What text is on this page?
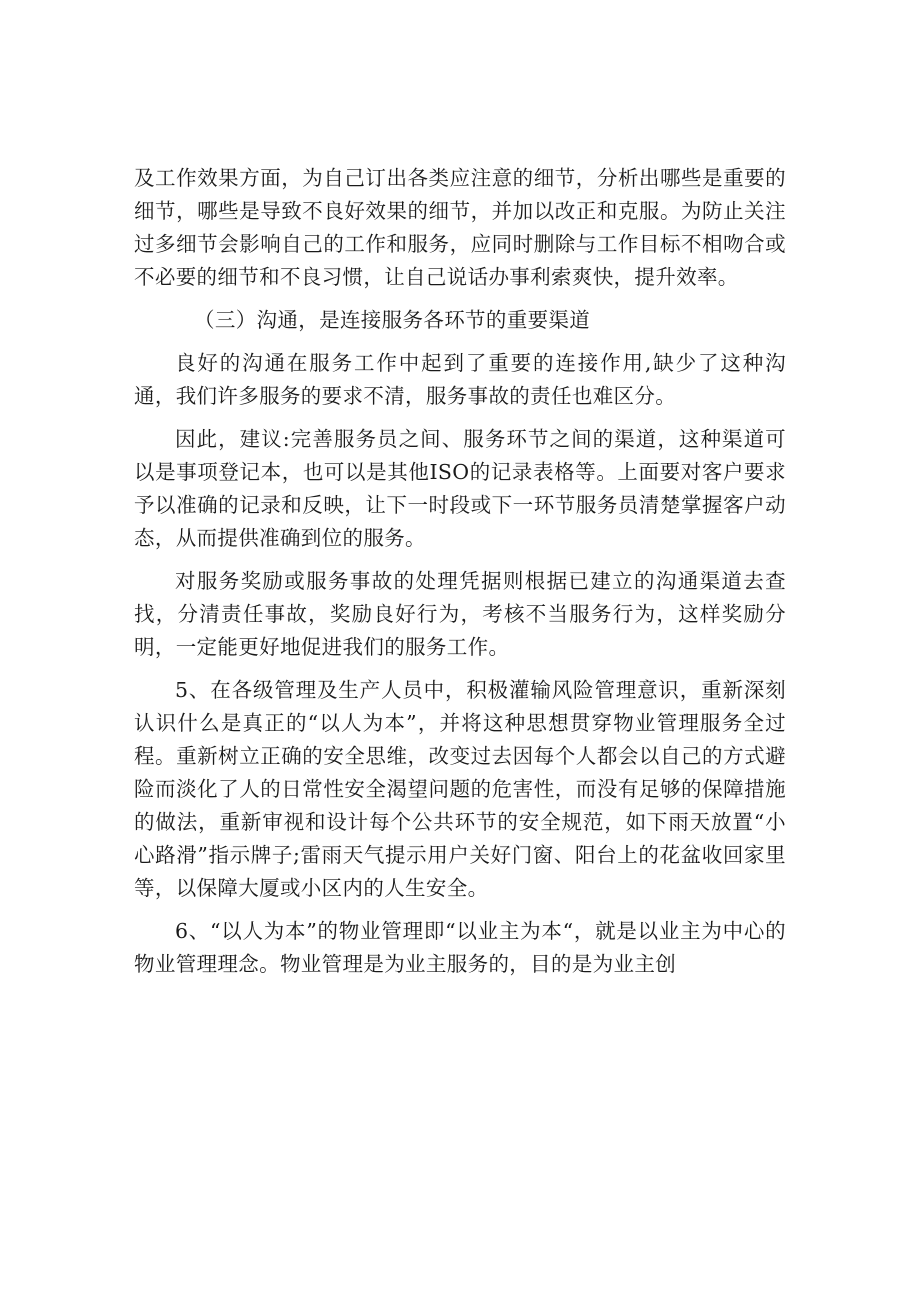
及工作效果方面，为自己订出各类应注意的细节，分析出哪些是重要的细节，哪些是导致不良好效果的细节，并加以改正和克服。为防止关注过多细节会影响自己的工作和服务，应同时删除与工作目标不相吻合或不必要的细节和不良习惯，让自己说话办事利索爽快，提升效率。

（三）沟通，是连接服务各环节的重要渠道

良好的沟通在服务工作中起到了重要的连接作用,缺少了这种沟通，我们许多服务的要求不清，服务事故的责任也难区分。

因此，建议:完善服务员之间、服务环节之间的渠道，这种渠道可以是事项登记本，也可以是其他ISO的记录表格等。上面要对客户要求予以准确的记录和反映，让下一时段或下一环节服务员清楚掌握客户动态，从而提供准确到位的服务。

对服务奖励或服务事故的处理凭据则根据已建立的沟通渠道去查找，分清责任事故，奖励良好行为，考核不当服务行为，这样奖励分明，一定能更好地促进我们的服务工作。

5、在各级管理及生产人员中，积极灌输风险管理意识，重新深刻认识什么是真正的“以人为本”，并将这种思想贯穿物业管理服务全过程。重新树立正确的安全思维，改变过去因每个人都会以自己的方式避险而淡化了人的日常性安全渴望问题的危害性，而没有足够的保障措施的做法，重新审视和设计每个公共环节的安全规范，如下雨天放置“小心路滑”指示牌子;雷雨天气提示用户关好门窗、阳台上的花盆收回家里等，以保障大厦或小区内的人生安全。

6、“以人为本”的物业管理即“以业主为本“，就是以业主为中心的物业管理理念。物业管理是为业主服务的，目的是为业主创
